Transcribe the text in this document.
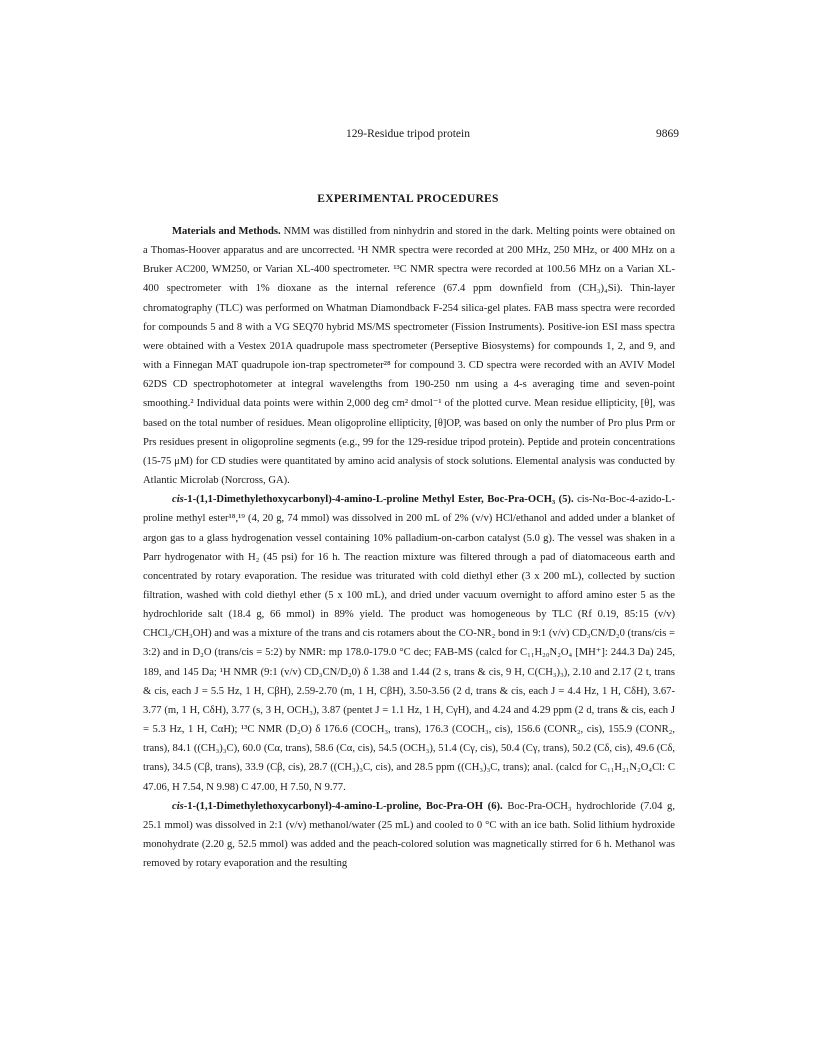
129-Residue tripod protein	9869
EXPERIMENTAL PROCEDURES

Materials and Methods. NMM was distilled from ninhydrin and stored in the dark. Melting points were obtained on a Thomas-Hoover apparatus and are uncorrected. ¹H NMR spectra were recorded at 200 MHz, 250 MHz, or 400 MHz on a Bruker AC200, WM250, or Varian XL-400 spectrometer. ¹³C NMR spectra were recorded at 100.56 MHz on a Varian XL-400 spectrometer with 1% dioxane as the internal reference (67.4 ppm downfield from (CH₃)₄Si). Thin-layer chromatography (TLC) was performed on Whatman Diamondback F-254 silica-gel plates. FAB mass spectra were recorded for compounds 5 and 8 with a VG SEQ70 hybrid MS/MS spectrometer (Fission Instruments). Positive-ion ESI mass spectra were obtained with a Vestex 201A quadrupole mass spectrometer (Perseptive Biosystems) for compounds 1, 2, and 9, and with a Finnegan MAT quadrupole ion-trap spectrometer²⁸ for compound 3. CD spectra were recorded with an AVIV Model 62DS CD spectrophotometer at integral wavelengths from 190-250 nm using a 4-s averaging time and seven-point smoothing.² Individual data points were within 2,000 deg cm² dmol⁻¹ of the plotted curve. Mean residue ellipticity, [θ], was based on the total number of residues. Mean oligoproline ellipticity, [θ]OP, was based on only the number of Pro plus Prm or Prs residues present in oligoproline segments (e.g., 99 for the 129-residue tripod protein). Peptide and protein concentrations (15-75 μM) for CD studies were quantitated by amino acid analysis of stock solutions. Elemental analysis was conducted by Atlantic Microlab (Norcross, GA).

cis-1-(1,1-Dimethylethoxycarbonyl)-4-amino-L-proline Methyl Ester, Boc-Pra-OCH₃ (5). cis-Nα-Boc-4-azido-L-proline methyl ester¹⁸,¹⁹ (4, 20 g, 74 mmol) was dissolved in 200 mL of 2% (v/v) HCl/ethanol and added under a blanket of argon gas to a glass hydrogenation vessel containing 10% palladium-on-carbon catalyst (5.0 g). The vessel was shaken in a Parr hydrogenator with H₂ (45 psi) for 16 h. The reaction mixture was filtered through a pad of diatomaceous earth and concentrated by rotary evaporation. The residue was triturated with cold diethyl ether (3 x 200 mL), collected by suction filtration, washed with cold diethyl ether (5 x 100 mL), and dried under vacuum overnight to afford amino ester 5 as the hydrochloride salt (18.4 g, 66 mmol) in 89% yield. The product was homogeneous by TLC (Rf 0.19, 85:15 (v/v) CHCl₃/CH₃OH) and was a mixture of the trans and cis rotamers about the CO-NR₂ bond in 9:1 (v/v) CD₃CN/D₂0 (trans/cis = 3:2) and in D₂O (trans/cis = 5:2) by NMR: mp 178.0-179.0 °C dec; FAB-MS (calcd for C₁₁H₂₀N₂O₄ [MH⁺]: 244.3 Da) 245, 189, and 145 Da; ¹H NMR (9:1 (v/v) CD₃CN/D₂0) δ 1.38 and 1.44 (2 s, trans & cis, 9 H, C(CH₃)₃), 2.10 and 2.17 (2 t, trans & cis, each J = 5.5 Hz, 1 H, CβH), 2.59-2.70 (m, 1 H, CβH), 3.50-3.56 (2 d, trans & cis, each J = 4.4 Hz, 1 H, CδH), 3.67-3.77 (m, 1 H, CδH), 3.77 (s, 3 H, OCH₃), 3.87 (pentet J = 1.1 Hz, 1 H, CγH), and 4.24 and 4.29 ppm (2 d, trans & cis, each J = 5.3 Hz, 1 H, CαH); ¹³C NMR (D₂O) δ 176.6 (COCH₃, trans), 176.3 (COCH₃, cis), 156.6 (CONR₂, cis), 155.9 (CONR₂, trans), 84.1 ((CH₃)₃C), 60.0 (Cα, trans), 58.6 (Cα, cis), 54.5 (OCH₃), 51.4 (Cγ, cis), 50.4 (Cγ, trans), 50.2 (Cδ, cis), 49.6 (Cδ, trans), 34.5 (Cβ, trans), 33.9 (Cβ, cis), 28.7 ((CH₃)₃C, cis), and 28.5 ppm ((CH₃)₃C, trans); anal. (calcd for C₁₁H₂₁N₂O₄Cl: C 47.06, H 7.54, N 9.98) C 47.00, H 7.50, N 9.77.

cis-1-(1,1-Dimethylethoxycarbonyl)-4-amino-L-proline, Boc-Pra-OH (6). Boc-Pra-OCH₃ hydrochloride (7.04 g, 25.1 mmol) was dissolved in 2:1 (v/v) methanol/water (25 mL) and cooled to 0 °C with an ice bath. Solid lithium hydroxide monohydrate (2.20 g, 52.5 mmol) was added and the peach-colored solution was magnetically stirred for 6 h. Methanol was removed by rotary evaporation and the resulting
